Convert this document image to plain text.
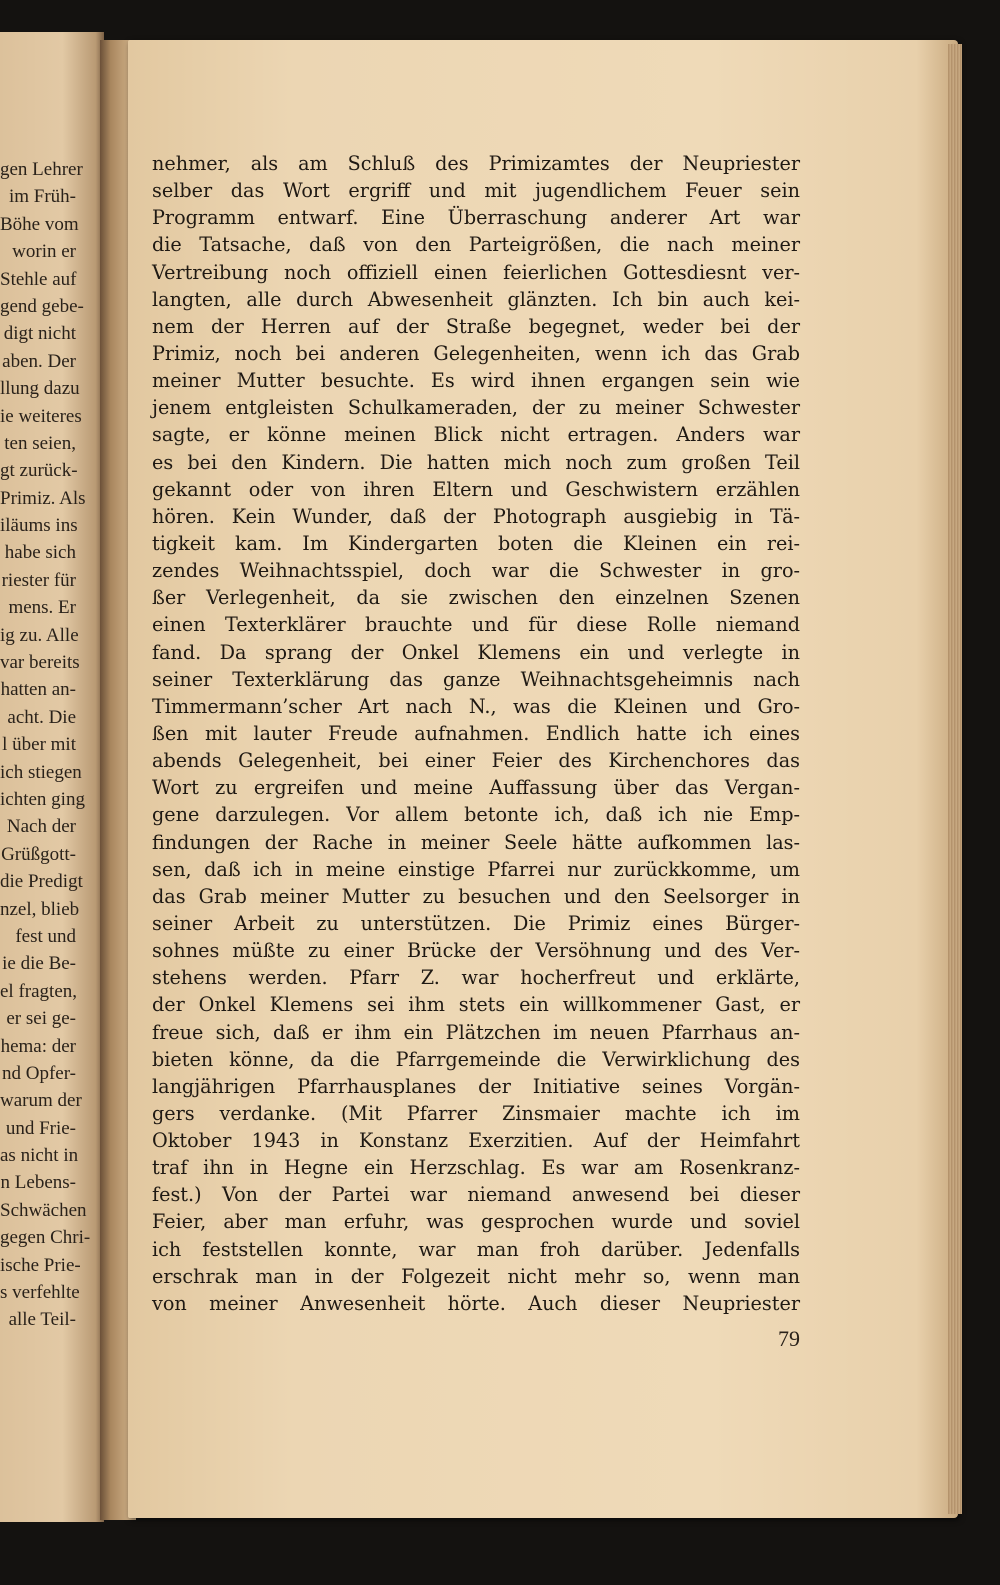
gen Lehrer
im Früh-
Böhe vom
worin er
Stehle auf
gend gebe-
digt nicht
aben. Der
llung dazu
ie weiteres
ten seien,
gt zurück-
Primiz. Als
iläums ins
habe sich
riester für
mens. Er
ig zu. Alle
var bereits
hatten an-
acht. Die
l über mit
ich stiegen
ichten ging
Nach der
Grüßgott-
die Predigt
nzel, blieb
fest und
ie die Be-
el fragten,
er sei ge-
hema: der
nd Opfer-
warum der
und Frie-
as nicht in
n Lebens-
Schwächen
gegen Chri-
ische Prie-
s verfehlte
alle Teil-
nehmer, als am Schluß des Primizamtes der Neupriester
selber das Wort ergriff und mit jugendlichem Feuer sein
Programm entwarf. Eine Überraschung anderer Art war
die Tatsache, daß von den Parteigrößen, die nach meiner
Vertreibung noch offiziell einen feierlichen Gottesdiesnt ver-
langten, alle durch Abwesenheit glänzten. Ich bin auch kei-
nem der Herren auf der Straße begegnet, weder bei der
Primiz, noch bei anderen Gelegenheiten, wenn ich das Grab
meiner Mutter besuchte. Es wird ihnen ergangen sein wie
jenem entgleisten Schulkameraden, der zu meiner Schwester
sagte, er könne meinen Blick nicht ertragen. Anders war
es bei den Kindern. Die hatten mich noch zum großen Teil
gekannt oder von ihren Eltern und Geschwistern erzählen
hören. Kein Wunder, daß der Photograph ausgiebig in Tä-
tigkeit kam. Im Kindergarten boten die Kleinen ein rei-
zendes Weihnachtsspiel, doch war die Schwester in gro-
ßer Verlegenheit, da sie zwischen den einzelnen Szenen
einen Texterklärer brauchte und für diese Rolle niemand
fand. Da sprang der Onkel Klemens ein und verlegte in
seiner Texterklärung das ganze Weihnachtsgeheimnis nach
Timmermann’scher Art nach N., was die Kleinen und Gro-
ßen mit lauter Freude aufnahmen. Endlich hatte ich eines
abends Gelegenheit, bei einer Feier des Kirchenchores das
Wort zu ergreifen und meine Auffassung über das Vergan-
gene darzulegen. Vor allem betonte ich, daß ich nie Emp-
findungen der Rache in meiner Seele hätte aufkommen las-
sen, daß ich in meine einstige Pfarrei nur zurückkomme, um
das Grab meiner Mutter zu besuchen und den Seelsorger in
seiner Arbeit zu unterstützen. Die Primiz eines Bürger-
sohnes müßte zu einer Brücke der Versöhnung und des Ver-
stehens werden. Pfarr Z. war hocherfreut und erklärte,
der Onkel Klemens sei ihm stets ein willkommener Gast, er
freue sich, daß er ihm ein Plätzchen im neuen Pfarrhaus an-
bieten könne, da die Pfarrgemeinde die Verwirklichung des
langjährigen Pfarrhausplanes der Initiative seines Vorgän-
gers verdanke. (Mit Pfarrer Zinsmaier machte ich im
Oktober 1943 in Konstanz Exerzitien. Auf der Heimfahrt
traf ihn in Hegne ein Herzschlag. Es war am Rosenkranz-
fest.) Von der Partei war niemand anwesend bei dieser
Feier, aber man erfuhr, was gesprochen wurde und soviel
ich feststellen konnte, war man froh darüber. Jedenfalls
erschrak man in der Folgezeit nicht mehr so, wenn man
von meiner Anwesenheit hörte. Auch dieser Neupriester
79
